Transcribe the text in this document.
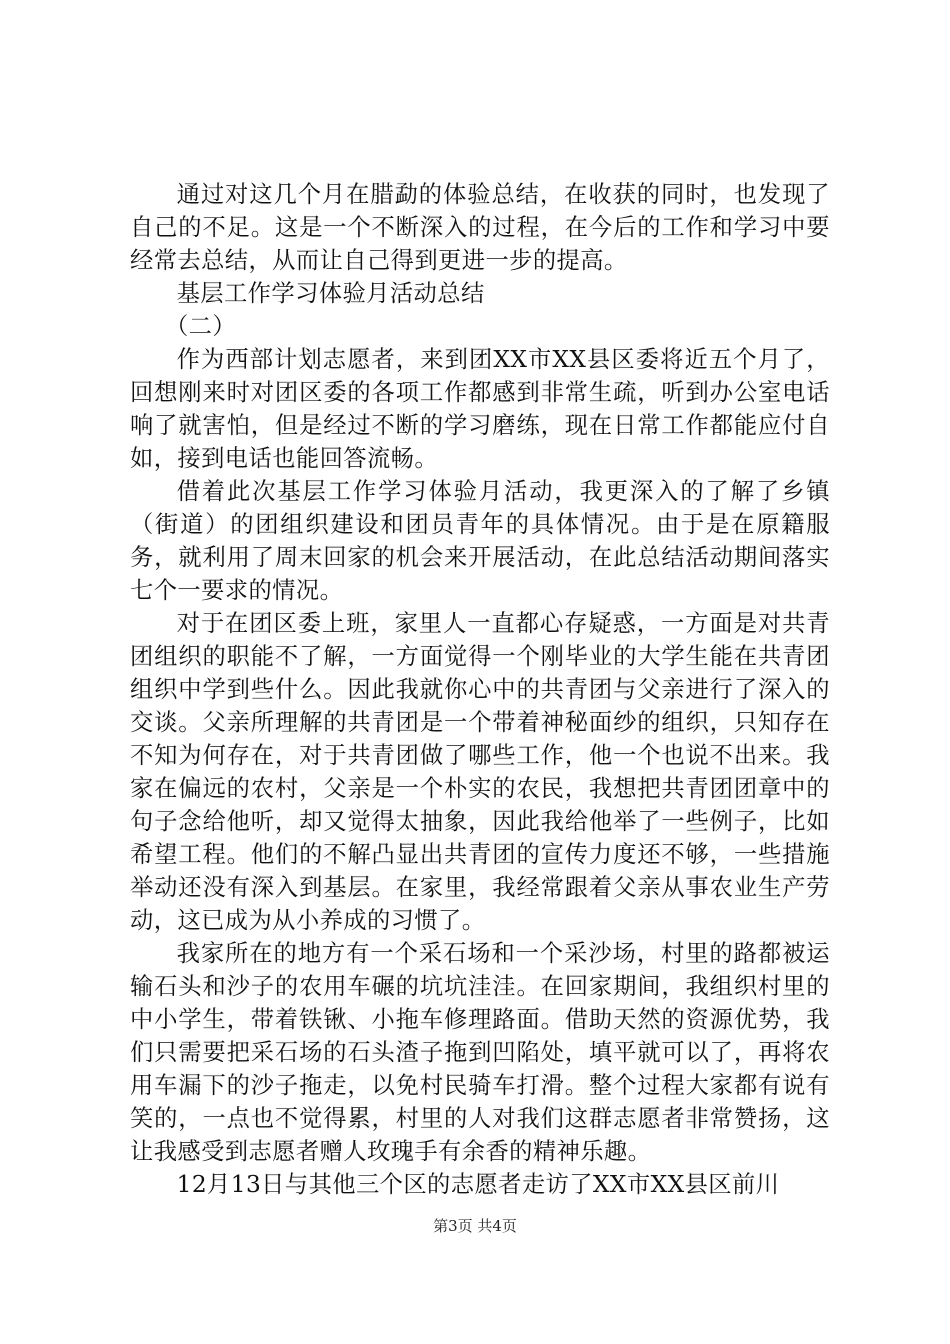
通过对这几个月在腊勐的体验总结，在收获的同时，也发现了自己的不足。这是一个不断深入的过程，在今后的工作和学习中要经常去总结，从而让自己得到更进一步的提高。

基层工作学习体验月活动总结

（二）

作为西部计划志愿者，来到团XX市XX县区委将近五个月了，回想刚来时对团区委的各项工作都感到非常生疏，听到办公室电话响了就害怕，但是经过不断的学习磨练，现在日常工作都能应付自如，接到电话也能回答流畅。

借着此次基层工作学习体验月活动，我更深入的了解了乡镇（街道）的团组织建设和团员青年的具体情况。由于是在原籍服务，就利用了周末回家的机会来开展活动，在此总结活动期间落实七个一要求的情况。

对于在团区委上班，家里人一直都心存疑惑，一方面是对共青团组织的职能不了解，一方面觉得一个刚毕业的大学生能在共青团组织中学到些什么。因此我就你心中的共青团与父亲进行了深入的交谈。父亲所理解的共青团是一个带着神秘面纱的组织，只知存在不知为何存在，对于共青团做了哪些工作，他一个也说不出来。我家在偏远的农村，父亲是一个朴实的农民，我想把共青团团章中的句子念给他听，却又觉得太抽象，因此我给他举了一些例子，比如希望工程。他们的不解凸显出共青团的宣传力度还不够，一些措施举动还没有深入到基层。在家里，我经常跟着父亲从事农业生产劳动，这已成为从小养成的习惯了。

我家所在的地方有一个采石场和一个采沙场，村里的路都被运输石头和沙子的农用车碾的坑坑洼洼。在回家期间，我组织村里的中小学生，带着铁锹、小拖车修理路面。借助天然的资源优势，我们只需要把采石场的石头渣子拖到凹陷处，填平就可以了，再将农用车漏下的沙子拖走，以免村民骑车打滑。整个过程大家都有说有笑的，一点也不觉得累，村里的人对我们这群志愿者非常赞扬，这让我感受到志愿者赠人玫瑰手有余香的精神乐趣。

12月13日与其他三个区的志愿者走访了XX市XX县区前川

第3页 共4页
